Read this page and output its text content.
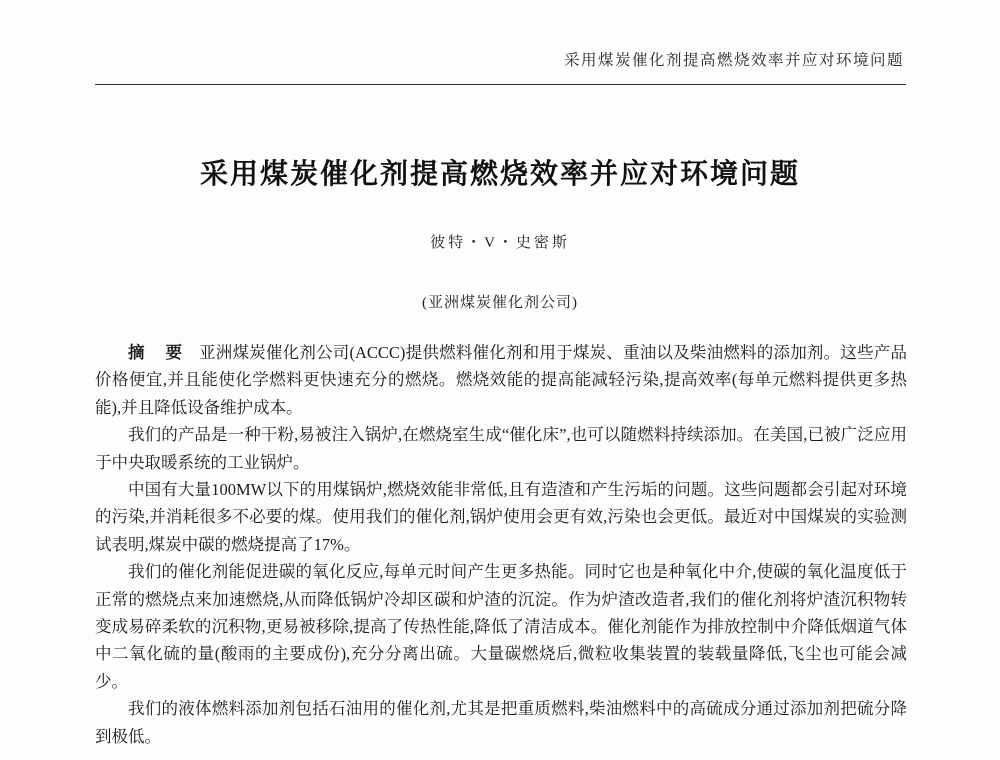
采用煤炭催化剂提高燃烧效率并应对环境问题
采用煤炭催化剂提高燃烧效率并应对环境问题
彼特・V・史密斯
(亚洲煤炭催化剂公司)

摘　要 亚洲煤炭催化剂公司(ACCC)提供燃料催化剂和用于煤炭、重油以及柴油燃料的添加剂。这些产品价格便宜,并且能使化学燃料更快速充分的燃烧。燃烧效能的提高能减轻污染,提高效率(每单元燃料提供更多热能),并且降低设备维护成本。

我们的产品是一种干粉,易被注入锅炉,在燃烧室生成“催化床”,也可以随燃料持续添加。在美国,已被广泛应用于中央取暖系统的工业锅炉。

中国有大量100MW以下的用煤锅炉,燃烧效能非常低,且有造渣和产生污垢的问题。这些问题都会引起对环境的污染,并消耗很多不必要的煤。使用我们的催化剂,锅炉使用会更有效,污染也会更低。最近对中国煤炭的实验测试表明,煤炭中碳的燃烧提高了17%。

我们的催化剂能促进碳的氧化反应,每单元时间产生更多热能。同时它也是种氧化中介,使碳的氧化温度低于正常的燃烧点来加速燃烧,从而降低锅炉冷却区碳和炉渣的沉淀。作为炉渣改造者,我们的催化剂将炉渣沉积物转变成易碎柔软的沉积物,更易被移除,提高了传热性能,降低了清洁成本。催化剂能作为排放控制中介降低烟道气体中二氧化硫的量(酸雨的主要成份),充分分离出硫。大量碳燃烧后,微粒收集装置的装载量降低,飞尘也可能会减少。

我们的液体燃料添加剂包括石油用的催化剂,尤其是把重质燃料,柴油燃料中的高硫成分通过添加剂把硫分降到极低。
